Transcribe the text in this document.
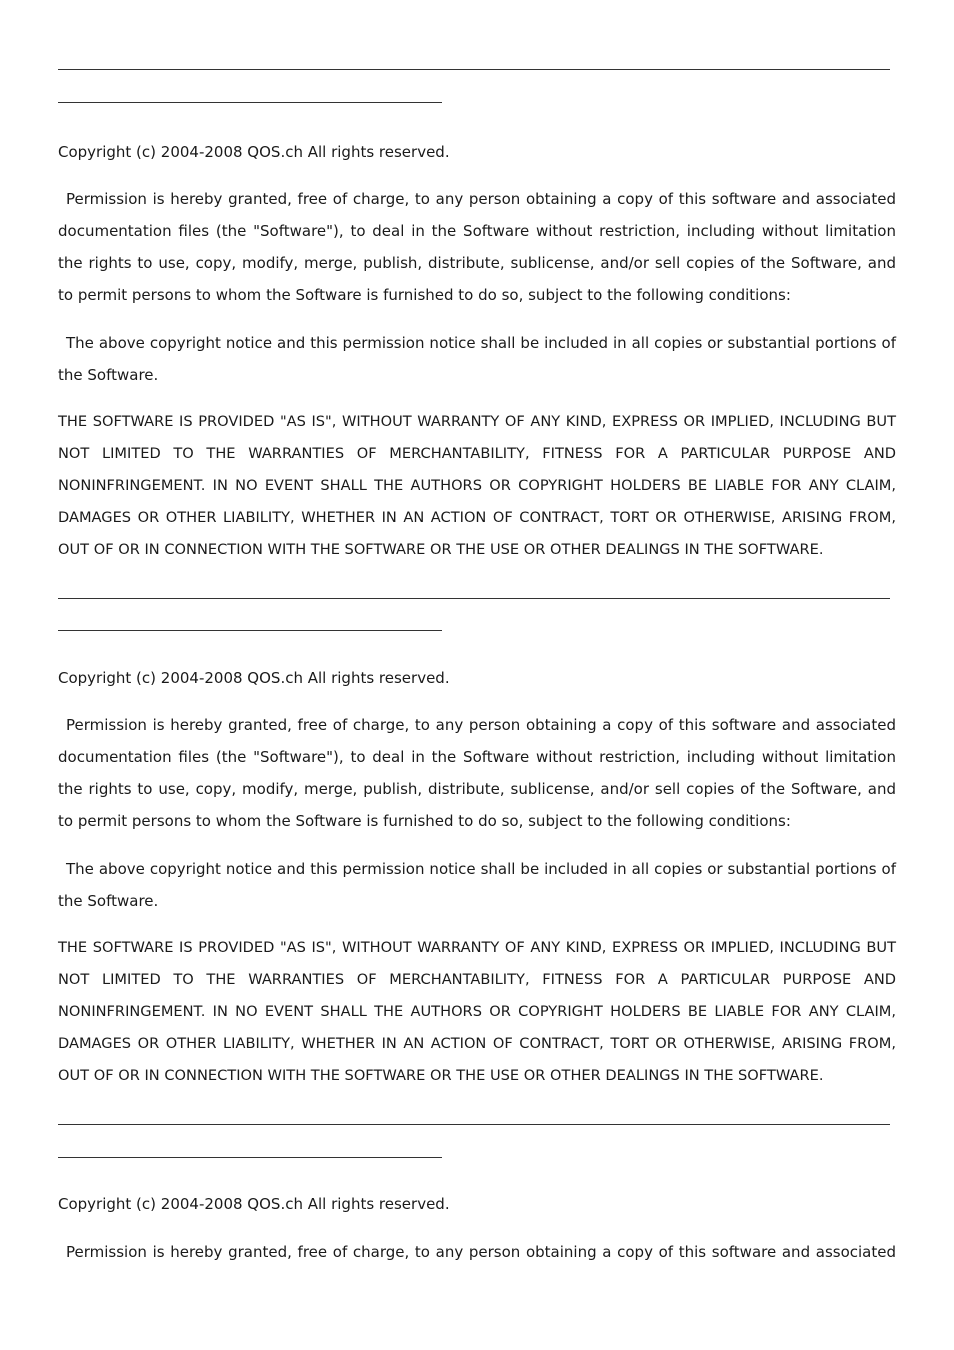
Copyright (c) 2004-2008 QOS.ch All rights reserved.

Permission is hereby granted, free of charge, to any person obtaining a copy of this software and associated documentation files (the "Software"), to deal in the Software without restriction, including without limitation the rights to use, copy, modify, merge, publish, distribute, sublicense, and/or sell copies of the Software, and to permit persons to whom the Software is furnished to do so, subject to the following conditions:

The above copyright notice and this permission notice shall be included in all copies or substantial portions of the Software.

THE SOFTWARE IS PROVIDED "AS IS", WITHOUT WARRANTY OF ANY KIND, EXPRESS OR IMPLIED, INCLUDING BUT NOT LIMITED TO THE WARRANTIES OF MERCHANTABILITY, FITNESS FOR A PARTICULAR PURPOSE AND NONINFRINGEMENT. IN NO EVENT SHALL THE AUTHORS OR COPYRIGHT HOLDERS BE LIABLE FOR ANY CLAIM, DAMAGES OR OTHER LIABILITY, WHETHER IN AN ACTION OF CONTRACT, TORT OR OTHERWISE, ARISING FROM, OUT OF OR IN CONNECTION WITH THE SOFTWARE OR THE USE OR OTHER DEALINGS IN THE SOFTWARE.

Copyright (c) 2004-2008 QOS.ch All rights reserved.

Permission is hereby granted, free of charge, to any person obtaining a copy of this software and associated documentation files (the "Software"), to deal in the Software without restriction, including without limitation the rights to use, copy, modify, merge, publish, distribute, sublicense, and/or sell copies of the Software, and to permit persons to whom the Software is furnished to do so, subject to the following conditions:

The above copyright notice and this permission notice shall be included in all copies or substantial portions of the Software.

THE SOFTWARE IS PROVIDED "AS IS", WITHOUT WARRANTY OF ANY KIND, EXPRESS OR IMPLIED, INCLUDING BUT NOT LIMITED TO THE WARRANTIES OF MERCHANTABILITY, FITNESS FOR A PARTICULAR PURPOSE AND NONINFRINGEMENT. IN NO EVENT SHALL THE AUTHORS OR COPYRIGHT HOLDERS BE LIABLE FOR ANY CLAIM, DAMAGES OR OTHER LIABILITY, WHETHER IN AN ACTION OF CONTRACT, TORT OR OTHERWISE, ARISING FROM, OUT OF OR IN CONNECTION WITH THE SOFTWARE OR THE USE OR OTHER DEALINGS IN THE SOFTWARE.

Copyright (c) 2004-2008 QOS.ch All rights reserved.

Permission is hereby granted, free of charge, to any person obtaining a copy of this software and associated
